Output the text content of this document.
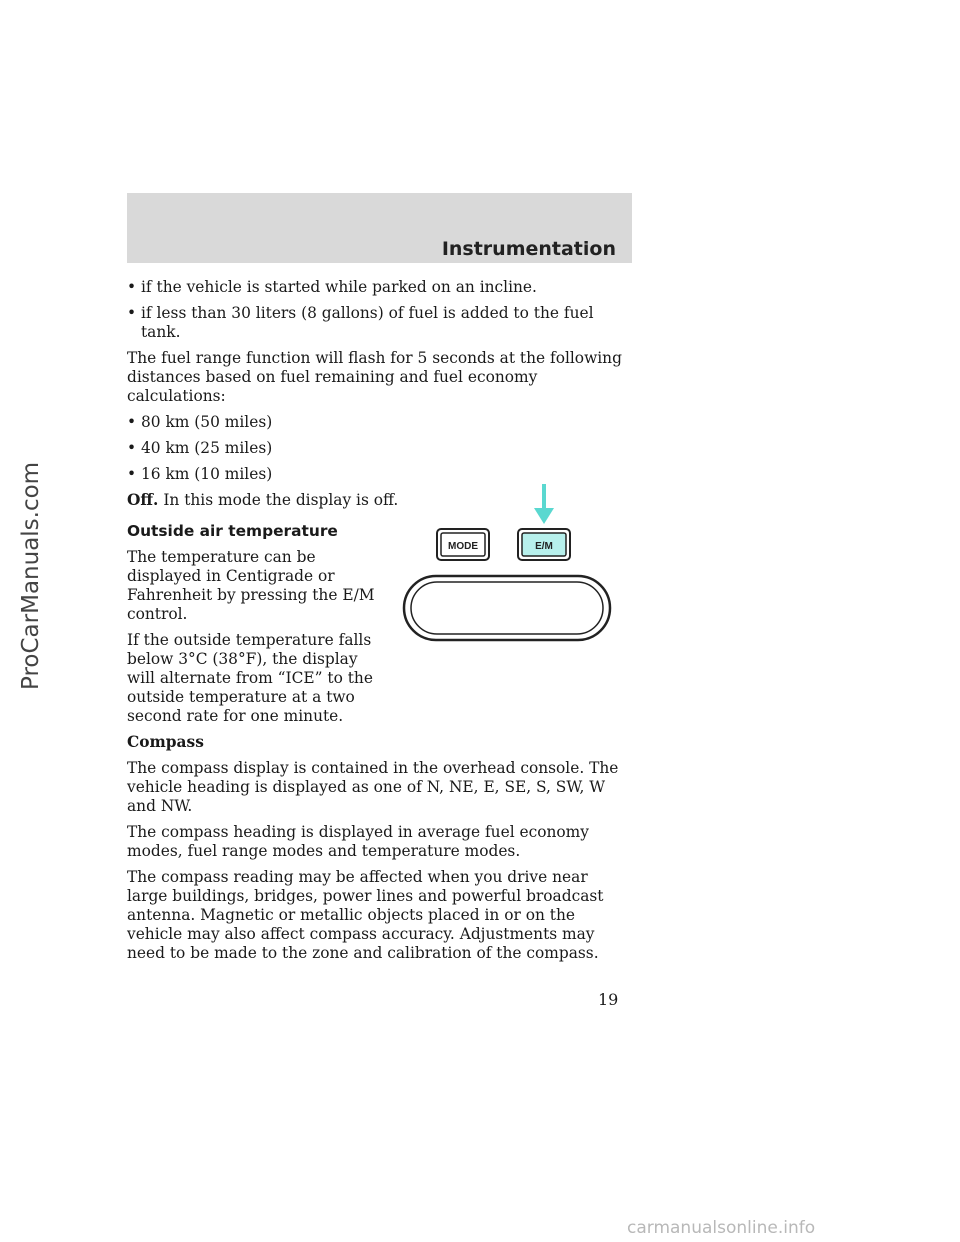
Instrumentation
ProCarManuals.com
• if the vehicle is started while parked on an incline.
• if less than 30 liters (8 gallons) of fuel is added to the fuel tank.

The fuel range function will flash for 5 seconds at the following distances based on fuel remaining and fuel economy calculations:

• 80 km (50 miles)
• 40 km (25 miles)
• 16 km (10 miles)

Off. In this mode the display is off.

Outside air temperature

The temperature can be displayed in Centigrade or Fahrenheit by pressing the E/M control.

If the outside temperature falls below 3°C (38°F), the display will alternate from “ICE” to the outside temperature at a two second rate for one minute.

Compass

The compass display is contained in the overhead console. The vehicle heading is displayed as one of N, NE, E, SE, S, SW, W and NW.

The compass heading is displayed in average fuel economy modes, fuel range modes and temperature modes.

The compass reading may be affected when you drive near large buildings, bridges, power lines and powerful broadcast antenna. Magnetic or metallic objects placed in or on the vehicle may also affect compass accuracy. Adjustments may need to be made to the zone and calibration of the compass.

MODE	E/M
19
carmanualsonline.info
